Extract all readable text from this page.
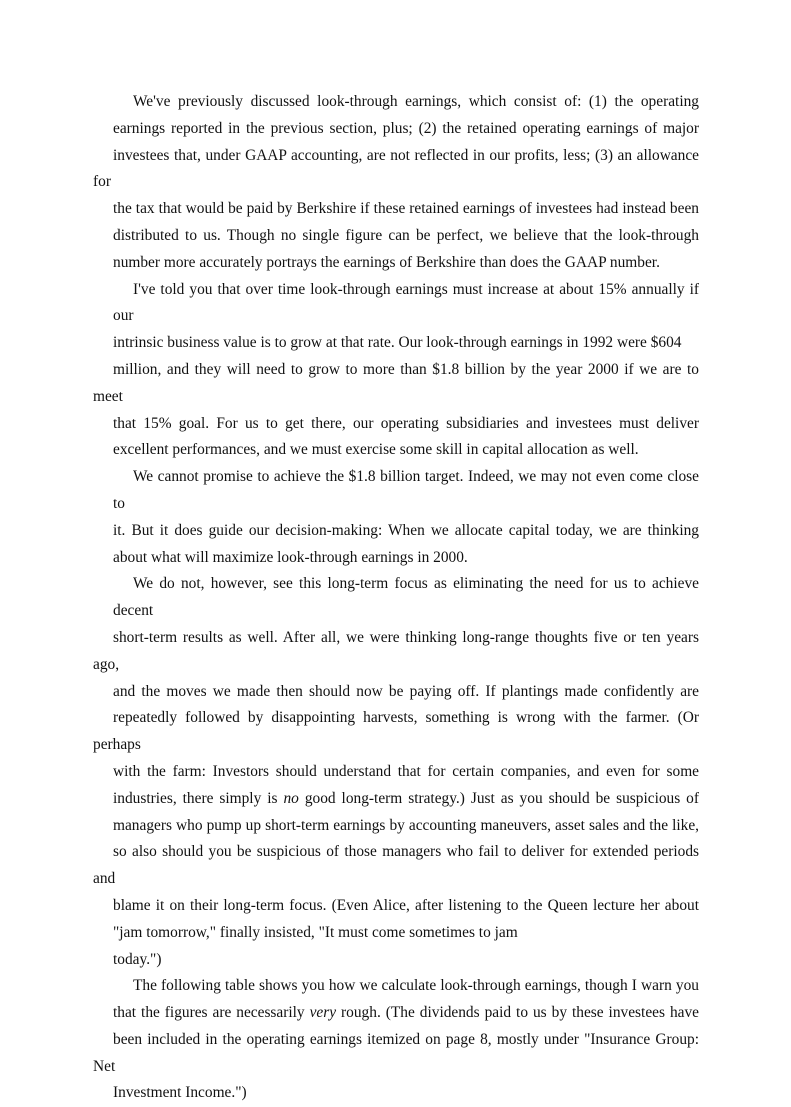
We've previously discussed look-through earnings, which consist of: (1) the operating
earnings reported in the previous section, plus; (2) the retained operating earnings of major
investees that, under GAAP accounting, are not reflected in our profits, less; (3) an allowance for
the tax that would be paid by Berkshire if these retained earnings of investees had instead been
distributed to us. Though no single figure can be perfect, we believe that the look-through
number more accurately portrays the earnings of Berkshire than does the GAAP number.
I've told you that over time look-through earnings must increase at about 15% annually if our
intrinsic business value is to grow at that rate. Our look-through earnings in 1992 were $604
million, and they will need to grow to more than $1.8 billion by the year 2000 if we are to meet
that 15% goal. For us to get there, our operating subsidiaries and investees must deliver
excellent performances, and we must exercise some skill in capital allocation as well.
We cannot promise to achieve the $1.8 billion target. Indeed, we may not even come close to
it. But it does guide our decision-making: When we allocate capital today, we are thinking
about what will maximize look-through earnings in 2000.
We do not, however, see this long-term focus as eliminating the need for us to achieve decent
short-term results as well. After all, we were thinking long-range thoughts five or ten years ago,
and the moves we made then should now be paying off. If plantings made confidently are
repeatedly followed by disappointing harvests, something is wrong with the farmer. (Or perhaps
with the farm: Investors should understand that for certain companies, and even for some
industries, there simply is no good long-term strategy.) Just as you should be suspicious of
managers who pump up short-term earnings by accounting maneuvers, asset sales and the like,
so also should you be suspicious of those managers who fail to deliver for extended periods and
blame it on their long-term focus. (Even Alice, after listening to the Queen lecture her about
"jam tomorrow," finally insisted, "It must come sometimes to jam
today.")
The following table shows you how we calculate look-through earnings, though I warn you
that the figures are necessarily very rough. (The dividends paid to us by these investees have
been included in the operating earnings itemized on page 8, mostly under "Insurance Group: Net
Investment Income.")
